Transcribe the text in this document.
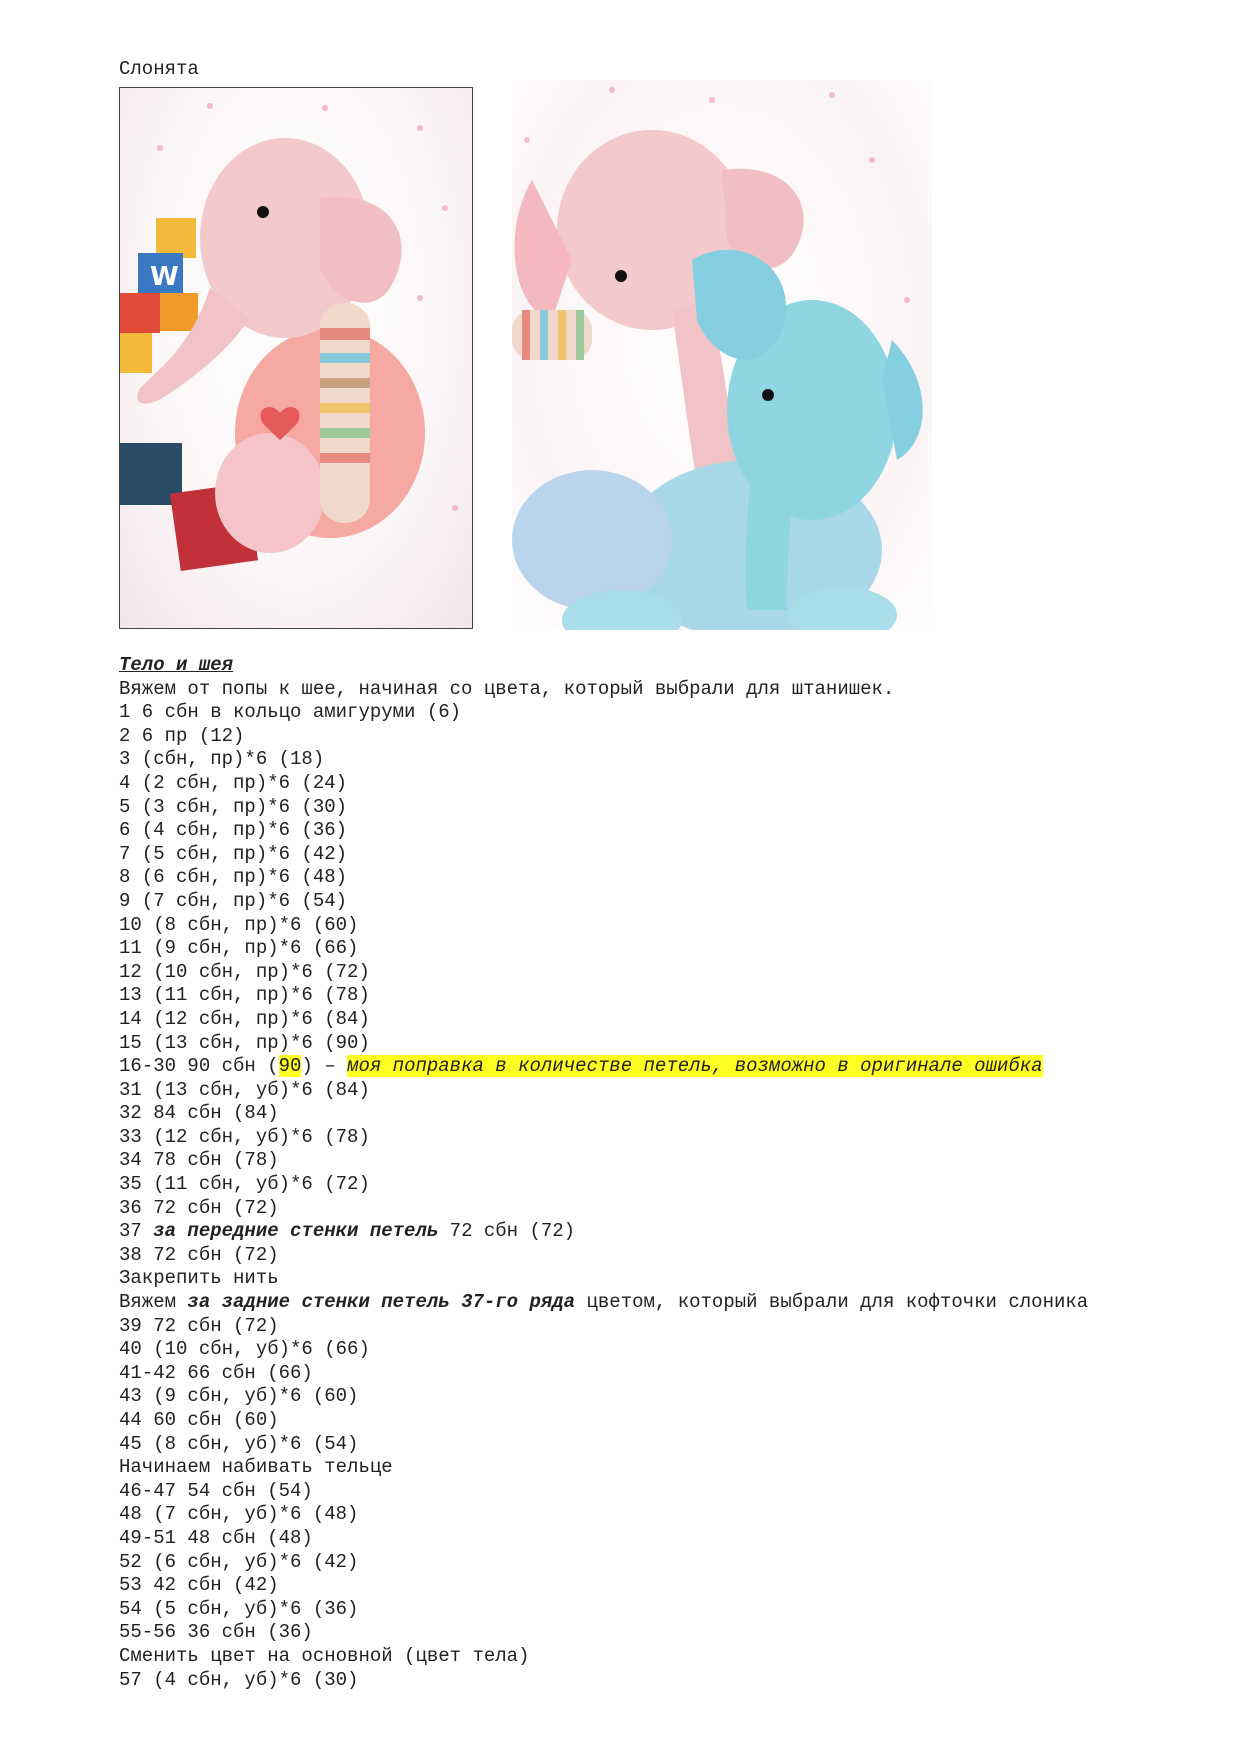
Слонята
W
Тело и шея
Вяжем от попы к шее, начиная со цвета, который выбрали для штанишек.
1 6 сбн в кольцо амигуруми (6)
2 6 пр (12)
3 (сбн, пр)*6 (18)
4 (2 сбн, пр)*6 (24)
5 (3 сбн, пр)*6 (30)
6 (4 сбн, пр)*6 (36)
7 (5 сбн, пр)*6 (42)
8 (6 сбн, пр)*6 (48)
9 (7 сбн, пр)*6 (54)
10 (8 сбн, пр)*6 (60)
11 (9 сбн, пр)*6 (66)
12 (10 сбн, пр)*6 (72)
13 (11 сбн, пр)*6 (78)
14 (12 сбн, пр)*6 (84)
15 (13 сбн, пр)*6 (90)
16-30 90 сбн (90) – моя поправка в количестве петель, возможно в оригинале ошибка
31 (13 сбн, уб)*6 (84)
32 84 сбн (84)
33 (12 сбн, уб)*6 (78)
34 78 сбн (78)
35 (11 сбн, уб)*6 (72)
36 72 сбн (72)
37 за передние стенки петель 72 сбн (72)
38 72 сбн (72)
Закрепить нить
Вяжем за задние стенки петель 37-го ряда цветом, который выбрали для кофточки слоника
39 72 сбн (72)
40 (10 сбн, уб)*6 (66)
41-42 66 сбн (66)
43 (9 сбн, уб)*6 (60)
44 60 сбн (60)
45 (8 сбн, уб)*6 (54)
Начинаем набивать тельце
46-47 54 сбн (54)
48 (7 сбн, уб)*6 (48)
49-51 48 сбн (48)
52 (6 сбн, уб)*6 (42)
53 42 сбн (42)
54 (5 сбн, уб)*6 (36)
55-56 36 сбн (36)
Сменить цвет на основной (цвет тела)
57 (4 сбн, уб)*6 (30)
